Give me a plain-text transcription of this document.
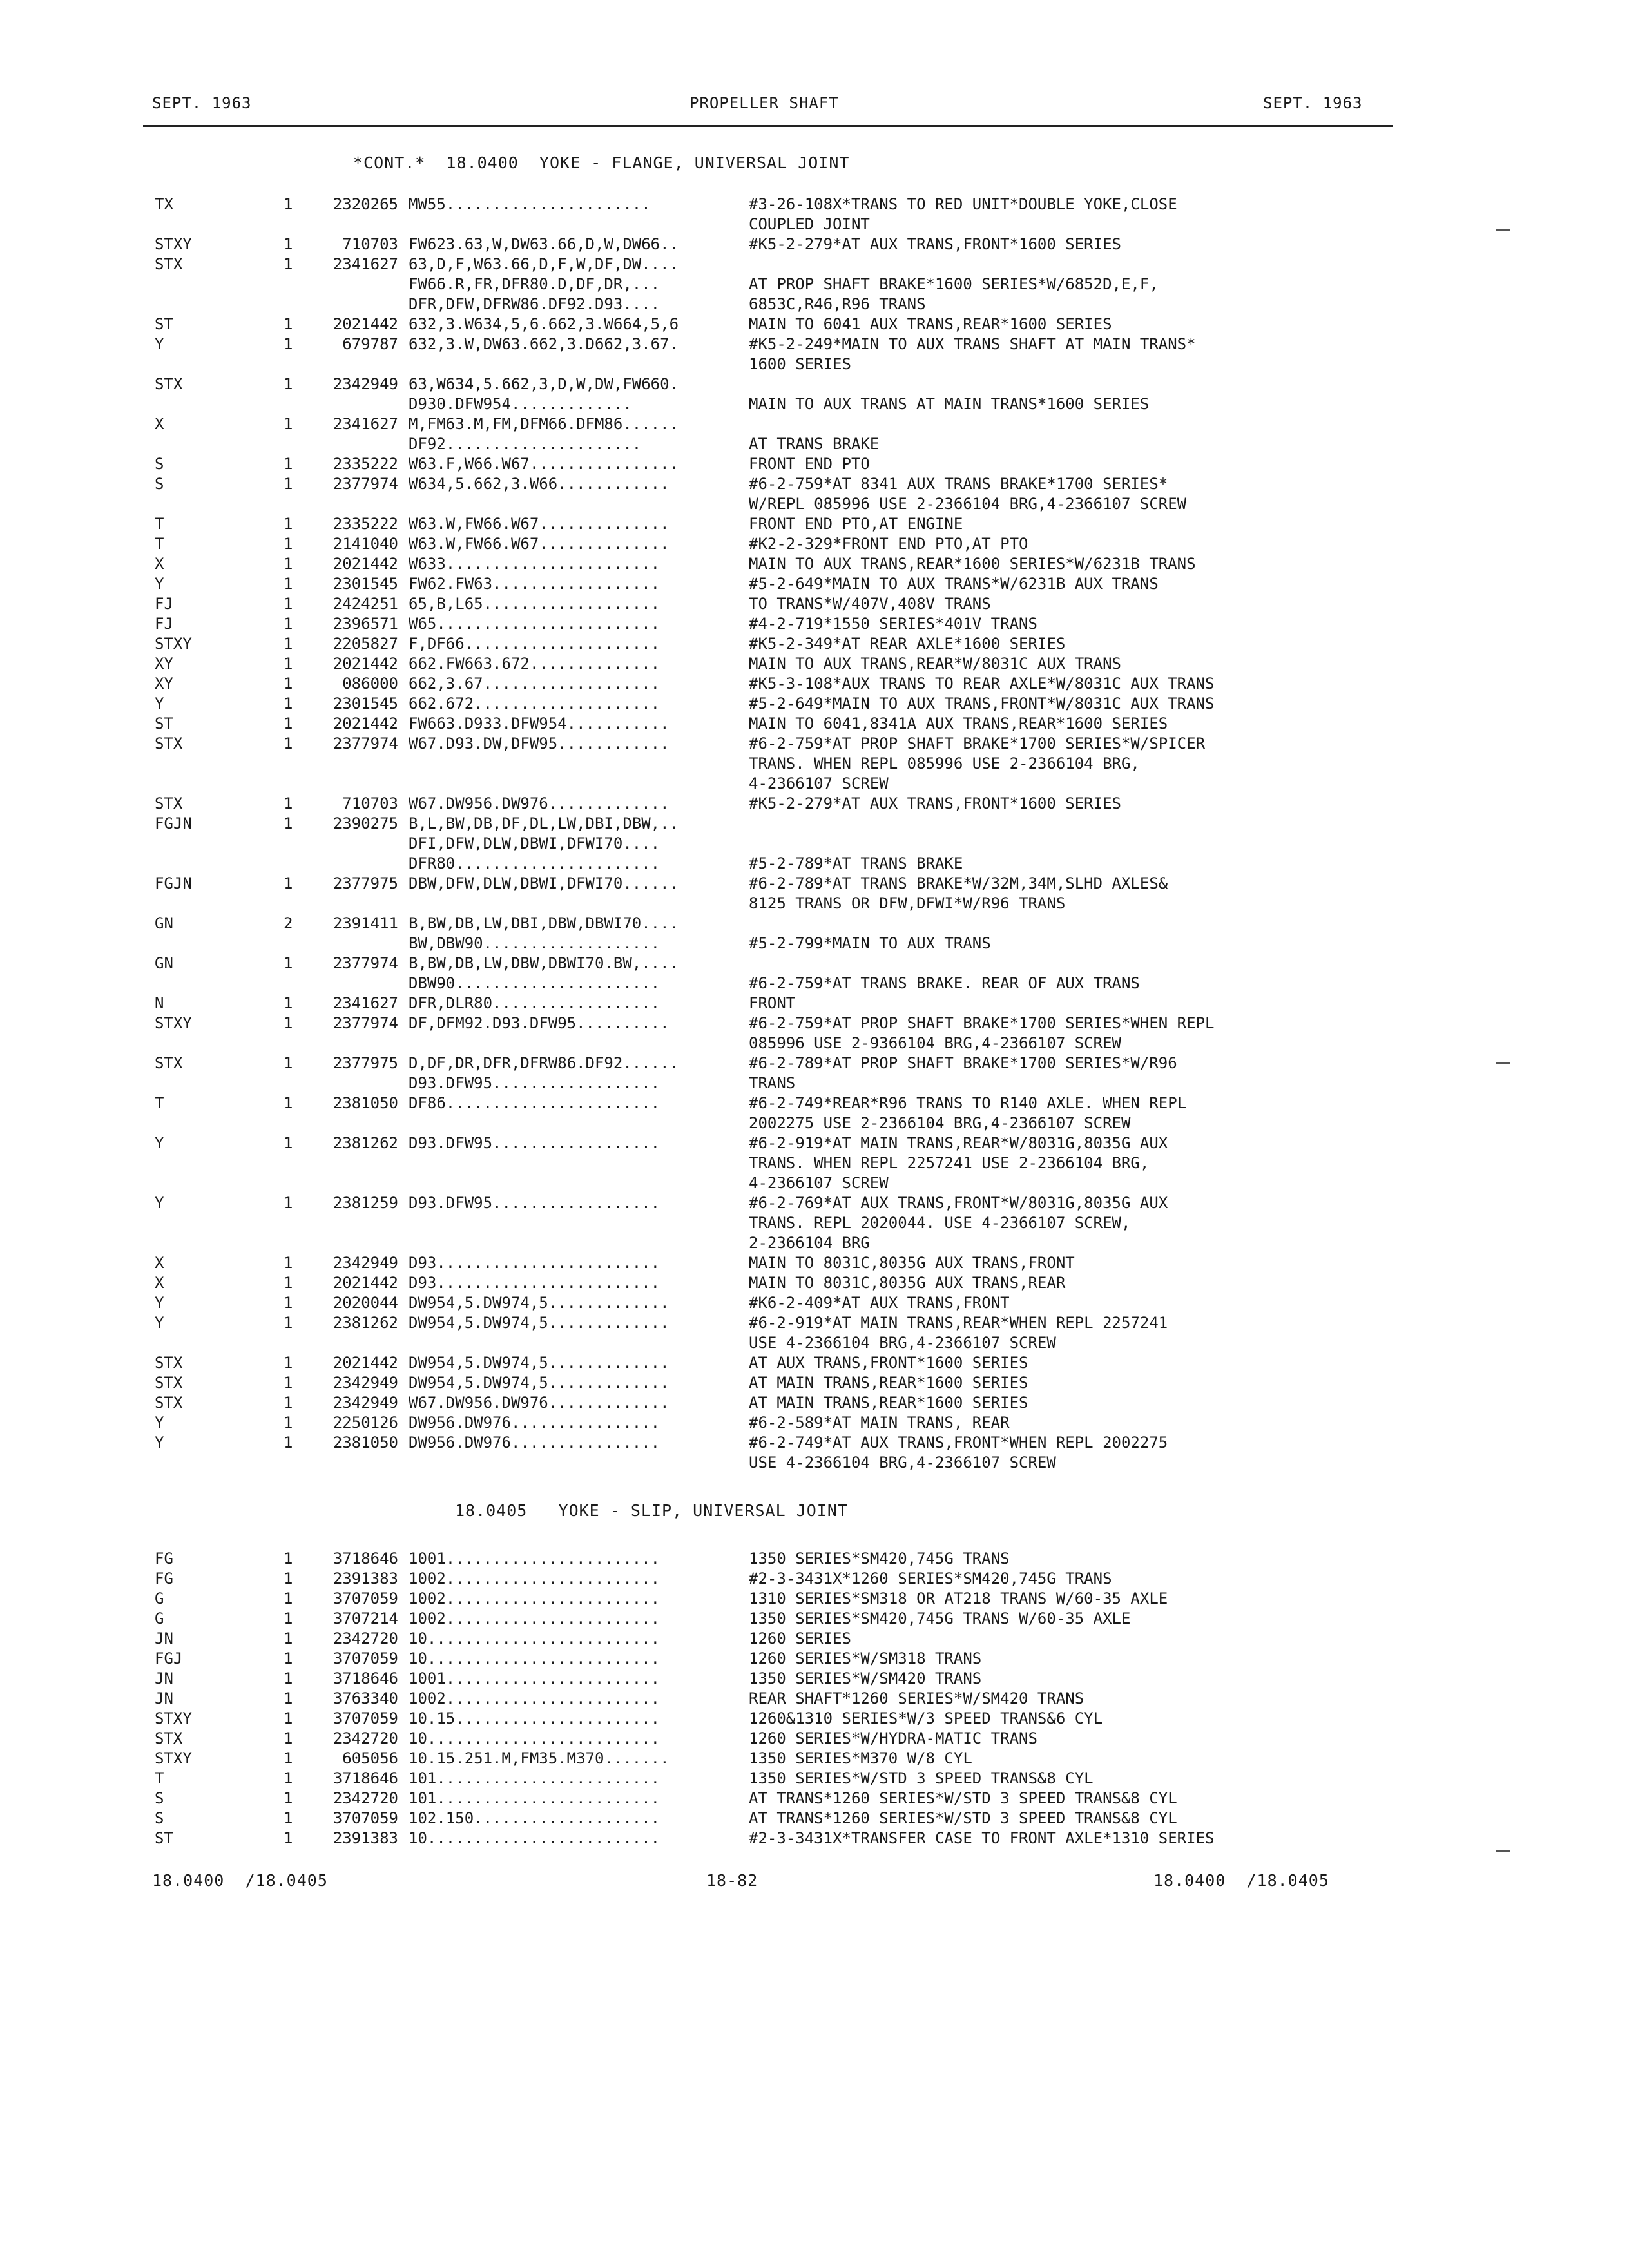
SEPT. 1963	PROPELLER SHAFT	SEPT. 1963
*CONT.*  18.0400  YOKE - FLANGE, UNIVERSAL JOINT
TX	1	2320265 MW55......................	#3-26-108X*TRANS TO RED UNIT*DOUBLE YOKE,CLOSE
COUPLED JOINT
STXY	1	710703 FW623.63,W,DW63.66,D,W,DW66..	#K5-2-279*AT AUX TRANS,FRONT*1600 SERIES
STX	1	2341627 63,D,F,W63.66,D,F,W,DF,DW....
FW66.R,FR,DFR80.D,DF,DR,...	AT PROP SHAFT BRAKE*1600 SERIES*W/6852D,E,F,
DFR,DFW,DFRW86.DF92.D93....	6853C,R46,R96 TRANS
ST	1	2021442 632,3.W634,5,6.662,3.W664,5,6	MAIN TO 6041 AUX TRANS,REAR*1600 SERIES
Y	1	679787 632,3.W,DW63.662,3.D662,3.67.	#K5-2-249*MAIN TO AUX TRANS SHAFT AT MAIN TRANS*
1600 SERIES
STX	1	2342949 63,W634,5.662,3,D,W,DW,FW660.
D930.DFW954.............	MAIN TO AUX TRANS AT MAIN TRANS*1600 SERIES
X	1	2341627 M,FM63.M,FM,DFM66.DFM86......
DF92.....................	AT TRANS BRAKE
S	1	2335222 W63.F,W66.W67................	FRONT END PTO
S	1	2377974 W634,5.662,3.W66............	#6-2-759*AT 8341 AUX TRANS BRAKE*1700 SERIES*
W/REPL 085996 USE 2-2366104 BRG,4-2366107 SCREW
T	1	2335222 W63.W,FW66.W67..............	FRONT END PTO,AT ENGINE
T	1	2141040 W63.W,FW66.W67..............	#K2-2-329*FRONT END PTO,AT PTO
X	1	2021442 W633.......................	MAIN TO AUX TRANS,REAR*1600 SERIES*W/6231B TRANS
Y	1	2301545 FW62.FW63..................	#5-2-649*MAIN TO AUX TRANS*W/6231B AUX TRANS
FJ	1	2424251 65,B,L65...................	TO TRANS*W/407V,408V TRANS
FJ	1	2396571 W65........................	#4-2-719*1550 SERIES*401V TRANS
STXY	1	2205827 F,DF66.....................	#K5-2-349*AT REAR AXLE*1600 SERIES
XY	1	2021442 662.FW663.672..............	MAIN TO AUX TRANS,REAR*W/8031C AUX TRANS
XY	1	086000 662,3.67...................	#K5-3-108*AUX TRANS TO REAR AXLE*W/8031C AUX TRANS
Y	1	2301545 662.672....................	#5-2-649*MAIN TO AUX TRANS,FRONT*W/8031C AUX TRANS
ST	1	2021442 FW663.D933.DFW954...........	MAIN TO 6041,8341A AUX TRANS,REAR*1600 SERIES
STX	1	2377974 W67.D93.DW,DFW95............	#6-2-759*AT PROP SHAFT BRAKE*1700 SERIES*W/SPICER
TRANS. WHEN REPL 085996 USE 2-2366104 BRG,
4-2366107 SCREW
STX	1	710703 W67.DW956.DW976.............	#K5-2-279*AT AUX TRANS,FRONT*1600 SERIES
FGJN	1	2390275 B,L,BW,DB,DF,DL,LW,DBI,DBW,..
DFI,DFW,DLW,DBWI,DFWI70....
DFR80......................	#5-2-789*AT TRANS BRAKE
FGJN	1	2377975 DBW,DFW,DLW,DBWI,DFWI70......	#6-2-789*AT TRANS BRAKE*W/32M,34M,SLHD AXLES&
8125 TRANS OR DFW,DFWI*W/R96 TRANS
GN	2	2391411 B,BW,DB,LW,DBI,DBW,DBWI70....
BW,DBW90...................	#5-2-799*MAIN TO AUX TRANS
GN	1	2377974 B,BW,DB,LW,DBW,DBWI70.BW,....
DBW90......................	#6-2-759*AT TRANS BRAKE. REAR OF AUX TRANS
N	1	2341627 DFR,DLR80..................	FRONT
STXY	1	2377974 DF,DFM92.D93.DFW95..........	#6-2-759*AT PROP SHAFT BRAKE*1700 SERIES*WHEN REPL
085996 USE 2-9366104 BRG,4-2366107 SCREW
STX	1	2377975 D,DF,DR,DFR,DFRW86.DF92......	#6-2-789*AT PROP SHAFT BRAKE*1700 SERIES*W/R96
D93.DFW95..................	TRANS
T	1	2381050 DF86.......................	#6-2-749*REAR*R96 TRANS TO R140 AXLE. WHEN REPL
2002275 USE 2-2366104 BRG,4-2366107 SCREW
Y	1	2381262 D93.DFW95..................	#6-2-919*AT MAIN TRANS,REAR*W/8031G,8035G AUX
TRANS. WHEN REPL 2257241 USE 2-2366104 BRG,
4-2366107 SCREW
Y	1	2381259 D93.DFW95..................	#6-2-769*AT AUX TRANS,FRONT*W/8031G,8035G AUX
TRANS. REPL 2020044. USE 4-2366107 SCREW,
2-2366104 BRG
X	1	2342949 D93........................	MAIN TO 8031C,8035G AUX TRANS,FRONT
X	1	2021442 D93........................	MAIN TO 8031C,8035G AUX TRANS,REAR
Y	1	2020044 DW954,5.DW974,5.............	#K6-2-409*AT AUX TRANS,FRONT
Y	1	2381262 DW954,5.DW974,5.............	#6-2-919*AT MAIN TRANS,REAR*WHEN REPL 2257241
USE 4-2366104 BRG,4-2366107 SCREW
STX	1	2021442 DW954,5.DW974,5.............	AT AUX TRANS,FRONT*1600 SERIES
STX	1	2342949 DW954,5.DW974,5.............	AT MAIN TRANS,REAR*1600 SERIES
STX	1	2342949 W67.DW956.DW976.............	AT MAIN TRANS,REAR*1600 SERIES
Y	1	2250126 DW956.DW976................	#6-2-589*AT MAIN TRANS, REAR
Y	1	2381050 DW956.DW976................	#6-2-749*AT AUX TRANS,FRONT*WHEN REPL 2002275
USE 4-2366104 BRG,4-2366107 SCREW
18.0405   YOKE - SLIP, UNIVERSAL JOINT
FG	1	3718646 1001.......................	1350 SERIES*SM420,745G TRANS
FG	1	2391383 1002.......................	#2-3-3431X*1260 SERIES*SM420,745G TRANS
G	1	3707059 1002.......................	1310 SERIES*SM318 OR AT218 TRANS W/60-35 AXLE
G	1	3707214 1002.......................	1350 SERIES*SM420,745G TRANS W/60-35 AXLE
JN	1	2342720 10.........................	1260 SERIES
FGJ	1	3707059 10.........................	1260 SERIES*W/SM318 TRANS
JN	1	3718646 1001.......................	1350 SERIES*W/SM420 TRANS
JN	1	3763340 1002.......................	REAR SHAFT*1260 SERIES*W/SM420 TRANS
STXY	1	3707059 10.15......................	1260&1310 SERIES*W/3 SPEED TRANS&6 CYL
STX	1	2342720 10.........................	1260 SERIES*W/HYDRA-MATIC TRANS
STXY	1	605056 10.15.251.M,FM35.M370.......	1350 SERIES*M370 W/8 CYL
T	1	3718646 101........................	1350 SERIES*W/STD 3 SPEED TRANS&8 CYL
S	1	2342720 101........................	AT TRANS*1260 SERIES*W/STD 3 SPEED TRANS&8 CYL
S	1	3707059 102.150....................	AT TRANS*1260 SERIES*W/STD 3 SPEED TRANS&8 CYL
ST	1	2391383 10.........................	#2-3-3431X*TRANSFER CASE TO FRONT AXLE*1310 SERIES
18.0400  /18.0405	18-82	18.0400  /18.0405
